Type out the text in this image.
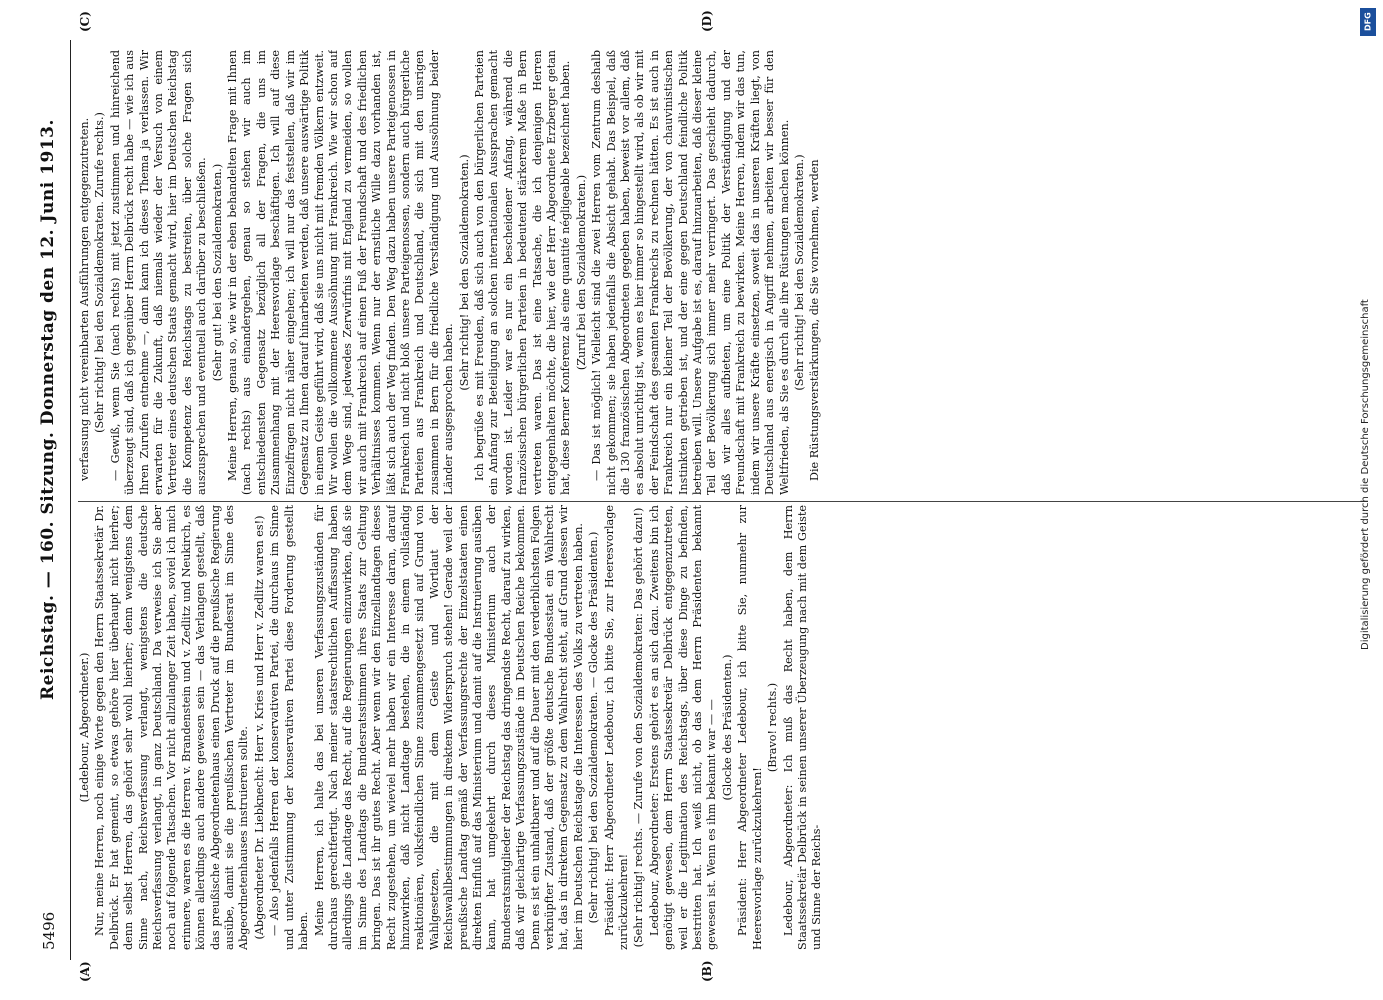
5496
Reichstag. — 160. Sitzung. Donnerstag den 12. Juni 1913.
(A)	(B)
(C)	(D)

(Ledebour, Abgeordneter.) Nur, meine Herren, noch einige Worte gegen den Herrn Staatssekretär Dr. Delbrück. Er hat gemeint, so etwas gehöre hier überhaupt nicht hierher; denn selbst Herren, das gehört sehr wohl hierher; denn wenigstens dem Sinne nach, Reichsverfassung verlangt, wenigstens die deutsche Reichsverfassung verlangt, in ganz Deutschland. Da verweise ich Sie aber noch auf folgende Tatsachen. Vor nicht allzulanger Zeit haben, soviel ich mich erinnere, waren es die Herren v. Brandenstein und v. Zedlitz und Neukirch, es können allerdings auch andere gewesen sein — das Verlangen gestellt, daß das preußische Abgeordnetenhaus einen Druck auf die preußische Regierung ausübe, damit sie die preußischen Vertreter im Bundesrat im Sinne des Abgeordnetenhauses instruieren sollte. (Abgeordneter Dr. Liebknecht: Herr v. Kries und Herr v. Zedlitz waren es!) — Also jedenfalls Herren der konservativen Partei, die durchaus im Sinne und unter Zustimmung der konservativen Partei diese Forderung gestellt haben. Meine Herren, ich halte das bei unseren Verfassungszuständen für durchaus gerechtfertigt. Nach meiner staatsrechtlichen Auffassung haben allerdings die Landtage das Recht, auf die Regierungen einzuwirken, daß sie im Sinne des Landtags die Bundesratsstimmen ihres Staats zur Geltung bringen. Das ist ihr gutes Recht. Aber wenn wir den Einzellandtagen dieses Recht zugestehen, um wieviel mehr haben wir ein Interesse daran, darauf hinzuwirken, daß nicht Landtage bestehen, die in einem vollständig reaktionären, volksfeindlichen Sinne zusammengesetzt sind auf Grund von Wahlgesetzen, die mit dem Geiste und Wortlaut der Reichswahlbestimmungen in direktem Widerspruch stehen! Gerade weil der preußische Landtag gemäß der Verfassungsrechte der Einzelstaaten einen direkten Einfluß auf das Ministerium und damit auf die Instruierung ausüben kann, hat umgekehrt durch dieses Ministerium auch der Bundesratsmitglieder der Reichstag das dringendste Recht, darauf zu wirken, daß wir gleichartige Verfassungszustände im Deutschen Reiche bekommen. Denn es ist ein unhaltbarer und auf die Dauer mit den verderblichsten Folgen verknüpfter Zustand, daß der größte deutsche Bundesstaat ein Wahlrecht hat, das in direktem Gegensatz zu dem Wahlrecht steht, auf Grund dessen wir hier im Deutschen Reichstage die Interessen des Volks zu vertreten haben. (Sehr richtig! bei den Sozialdemokraten. — Glocke des Präsidenten.) Präsident: Herr Abgeordneter Ledebour, ich bitte Sie, zur Heeresvorlage zurückzukehren! (Sehr richtig! rechts. — Zurufe von den Sozialdemokraten: Das gehört dazu!) Ledebour, Abgeordneter: Erstens gehört es an sich dazu. Zweitens bin ich genötigt gewesen, dem Herrn Staatssekretär Delbrück entgegenzutreten, weil er die Legitimation des Reichstags, über diese Dinge zu befinden, bestritten hat. Ich weiß nicht, ob das dem Herrn Präsidenten bekannt gewesen ist. Wenn es ihm bekannt war — — (Glocke des Präsidenten.) Präsident: Herr Abgeordneter Ledebour, ich bitte Sie, nunmehr zur Heeresvorlage zurückzukehren!

(Bravo! rechts.) Ledebour, Abgeordneter: Ich muß das Recht haben, dem Herrn Staatssekretär Delbrück in seinen unserer Überzeugung nach mit dem Geiste und Sinne der Reichs-

verfassung nicht vereinbarten Ausführungen entgegenzutreten. (Sehr richtig! bei den Sozialdemokraten. Zurufe rechts.) — Gewiß, wenn Sie (nach rechts) mit jetzt zustimmen und hinreichend überzeugt sind, daß ich gegenüber Herrn Delbrück recht habe — wie ich aus Ihren Zurufen entnehme —, dann kann ich dieses Thema ja verlassen. Wir erwarten für die Zukunft, daß niemals wieder der Versuch von einem Vertreter eines deutschen Staats gemacht wird, hier im Deutschen Reichstag die Kompetenz des Reichstags zu bestreiten, über solche Fragen sich auszusprechen und eventuell auch darüber zu beschließen. (Sehr gut! bei den Sozialdemokraten.) Meine Herren, genau so, wie wir in der eben behandelten Frage mit Ihnen (nach rechts) aus einandergehen, genau so stehen wir auch im entschiedensten Gegensatz bezüglich all der Fragen, die uns im Zusammenhang mit der Heeresvorlage beschäftigen. Ich will auf diese Einzelfragen nicht näher eingehen; ich will nur das feststellen, daß wir im Gegensatz zu Ihnen darauf hinarbeiten werden, daß unsere auswärtige Politik in einem Geiste geführt wird, daß sie uns nicht mit fremden Völkern entzweit. Wir wollen die vollkommene Aussöhnung mit Frankreich. Wie wir schon auf dem Wege sind, jedwedes Zerwürfnis mit England zu vermeiden, so wollen wir auch mit Frankreich auf einen Fuß der Freundschaft und des friedlichen Verhältnisses kommen. Wenn nur der ernstliche Wille dazu vorhanden ist, läßt sich auch der Weg finden. Den Weg dazu haben unsere Parteigenossen in Frankreich und nicht bloß unsere Parteigenossen, sondern auch bürgerliche Parteien aus Frankreich und Deutschland, die sich mit den unsrigen zusammen in Bern für die friedliche Verständigung und Aussöhnung beider Länder ausgesprochen haben.

(Sehr richtig! bei den Sozialdemokraten.) Ich begrüße es mit Freuden, daß sich auch von den bürgerlichen Parteien ein Anfang zur Beteiligung an solchen internationalen Aussprachen gemacht worden ist. Leider war es nur ein bescheidener Anfang, während die französischen bürgerlichen Parteien in bedeutend stärkerem Maße in Bern vertreten waren. Das ist eine Tatsache, die ich denjenigen Herren entgegenhalten möchte, die hier, wie der Herr Abgeordnete Erzberger getan hat, diese Berner Konferenz als eine quantité négligeable bezeichnet haben. (Zuruf bei den Sozialdemokraten.) — Das ist möglich! Vielleicht sind die zwei Herren vom Zentrum deshalb nicht gekommen; sie haben jedenfalls die Absicht gehabt. Das Beispiel, daß die 130 französischen Abgeordneten gegeben haben, beweist vor allem, daß es absolut unrichtig ist, wenn es hier immer so hingestellt wird, als ob wir mit der Feindschaft des gesamten Frankreichs zu rechnen hätten. Es ist auch in Frankreich nur ein kleiner Teil der Bevölkerung, der von chauvinistischen Instinkten getrieben ist, und der eine gegen Deutschland feindliche Politik betreiben will. Unsere Aufgabe ist es, darauf hinzuarbeiten, daß dieser kleine Teil der Bevölkerung sich immer mehr verringert. Das geschieht dadurch, daß wir alles aufbieten, um eine Politik der Verständigung und der Freundschaft mit Frankreich zu bewirken. Meine Herren, indem wir das tun, indem wir unsere Kräfte einsetzen, soweit das in unseren Kräften liegt, von Deutschland aus energisch in Angriff nehmen, arbeiten wir besser für den Weltfrieden, als Sie es durch alle ihre Rüstungen machen können. (Sehr richtig! bei den Sozialdemokraten.) Die Rüstungsverstärkungen, die Sie vornehmen, werden	Digitalisierung gefördert durch die Deutsche Forschungsgemeinschaft
DFG
